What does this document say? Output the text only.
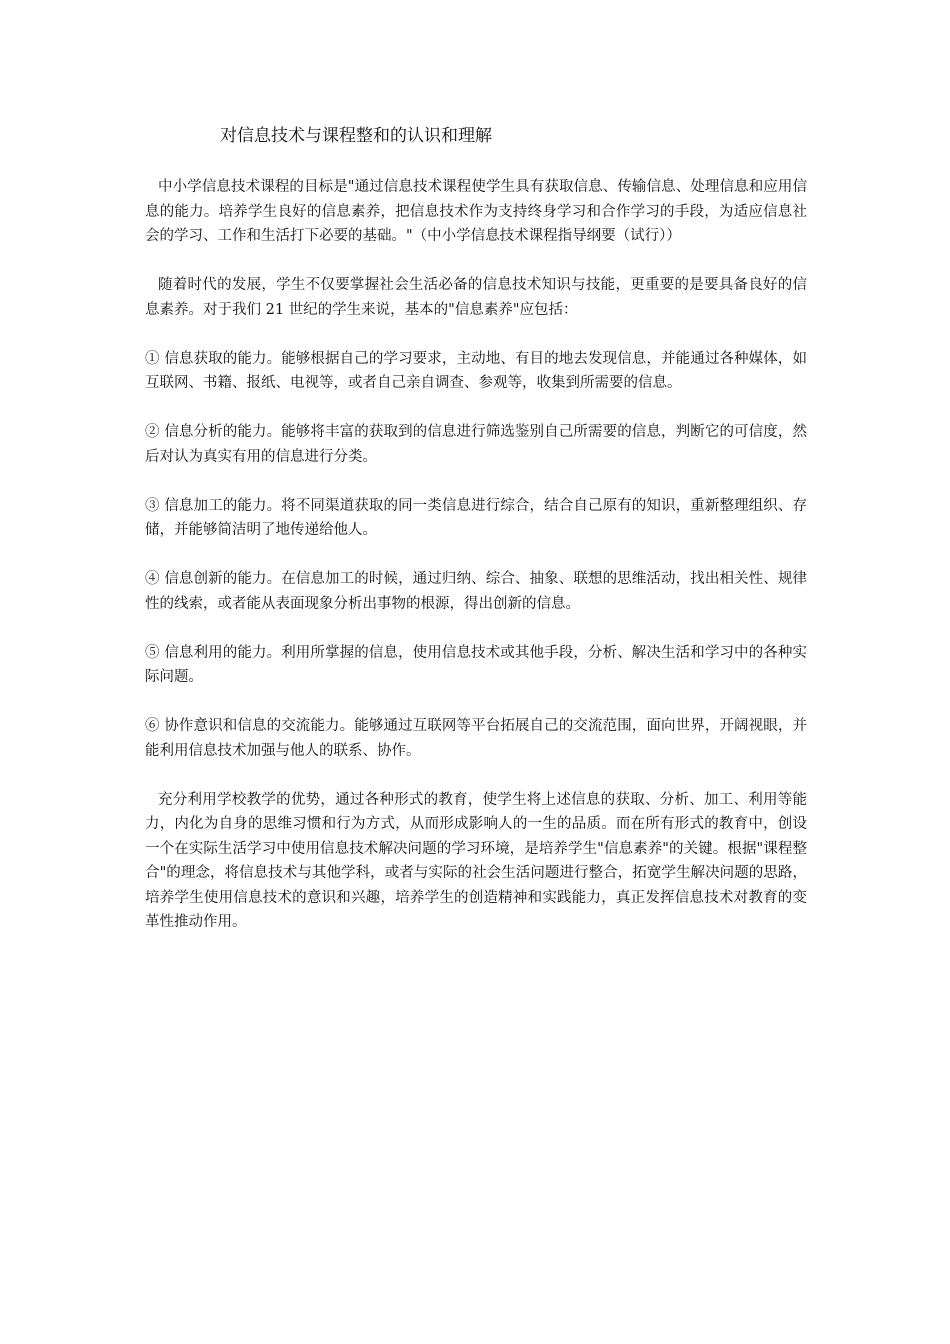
对信息技术与课程整和的认识和理解

中小学信息技术课程的目标是"通过信息技术课程使学生具有获取信息、传输信息、处理信息和应用信息的能力。培养学生良好的信息素养，把信息技术作为支持终身学习和合作学习的手段，为适应信息社会的学习、工作和生活打下必要的基础。"（中小学信息技术课程指导纲要（试行））

随着时代的发展，学生不仅要掌握社会生活必备的信息技术知识与技能，更重要的是要具备良好的信息素养。对于我们 21 世纪的学生来说，基本的"信息素养"应包括：

① 信息获取的能力。能够根据自己的学习要求，主动地、有目的地去发现信息，并能通过各种媒体，如互联网、书籍、报纸、电视等，或者自己亲自调查、参观等，收集到所需要的信息。

② 信息分析的能力。能够将丰富的获取到的信息进行筛选鉴别自己所需要的信息，判断它的可信度，然后对认为真实有用的信息进行分类。

③ 信息加工的能力。将不同渠道获取的同一类信息进行综合，结合自己原有的知识，重新整理组织、存储，并能够简洁明了地传递给他人。

④ 信息创新的能力。在信息加工的时候，通过归纳、综合、抽象、联想的思维活动，找出相关性、规律性的线索，或者能从表面现象分析出事物的根源，得出创新的信息。

⑤ 信息利用的能力。利用所掌握的信息，使用信息技术或其他手段，分析、解决生活和学习中的各种实际问题。

⑥ 协作意识和信息的交流能力。能够通过互联网等平台拓展自己的交流范围，面向世界，开阔视眼，并能利用信息技术加强与他人的联系、协作。

充分利用学校教学的优势，通过各种形式的教育，使学生将上述信息的获取、分析、加工、利用等能力，内化为自身的思维习惯和行为方式，从而形成影响人的一生的品质。而在所有形式的教育中，创设一个在实际生活学习中使用信息技术解决问题的学习环境，是培养学生"信息素养"的关键。根据"课程整合"的理念，将信息技术与其他学科，或者与实际的社会生活问题进行整合，拓宽学生解决问题的思路，培养学生使用信息技术的意识和兴趣，培养学生的创造精神和实践能力，真正发挥信息技术对教育的变革性推动作用。
